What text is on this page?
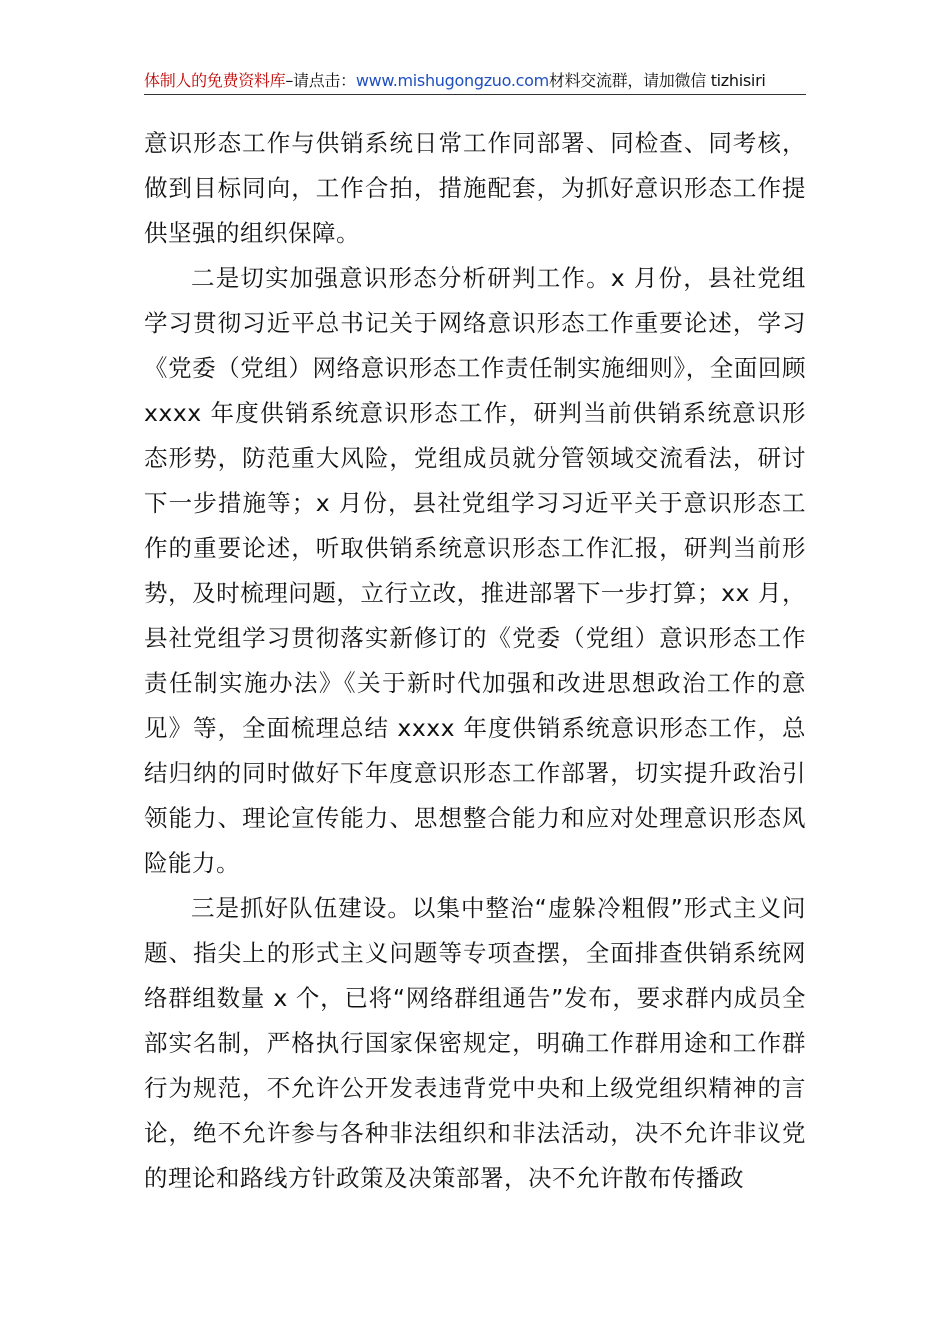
体制人的免费资料库–请点击：www.mishugongzuo.com材料交流群，请加微信 tizhisiri

意识形态工作与供销系统日常工作同部署、同检查、同考核，做到目标同向，工作合拍，措施配套，为抓好意识形态工作提供坚强的组织保障。

二是切实加强意识形态分析研判工作。x 月份，县社党组学习贯彻习近平总书记关于网络意识形态工作重要论述，学习《党委（党组）网络意识形态工作责任制实施细则》，全面回顾 xxxx 年度供销系统意识形态工作，研判当前供销系统意识形态形势，防范重大风险，党组成员就分管领域交流看法，研讨下一步措施等；x 月份，县社党组学习习近平关于意识形态工作的重要论述，听取供销系统意识形态工作汇报，研判当前形势，及时梳理问题，立行立改，推进部署下一步打算；xx 月，县社党组学习贯彻落实新修订的《党委（党组）意识形态工作责任制实施办法》《关于新时代加强和改进思想政治工作的意见》等，全面梳理总结 xxxx 年度供销系统意识形态工作，总结归纳的同时做好下年度意识形态工作部署，切实提升政治引领能力、理论宣传能力、思想整合能力和应对处理意识形态风险能力。

三是抓好队伍建设。以集中整治“虚躲冷粗假”形式主义问题、指尖上的形式主义问题等专项查摆，全面排查供销系统网络群组数量 x 个，已将“网络群组通告”发布，要求群内成员全部实名制，严格执行国家保密规定，明确工作群用途和工作群行为规范，不允许公开发表违背党中央和上级党组织精神的言论，绝不允许参与各种非法组织和非法活动，决不允许非议党的理论和路线方针政策及决策部署，决不允许散布传播政
